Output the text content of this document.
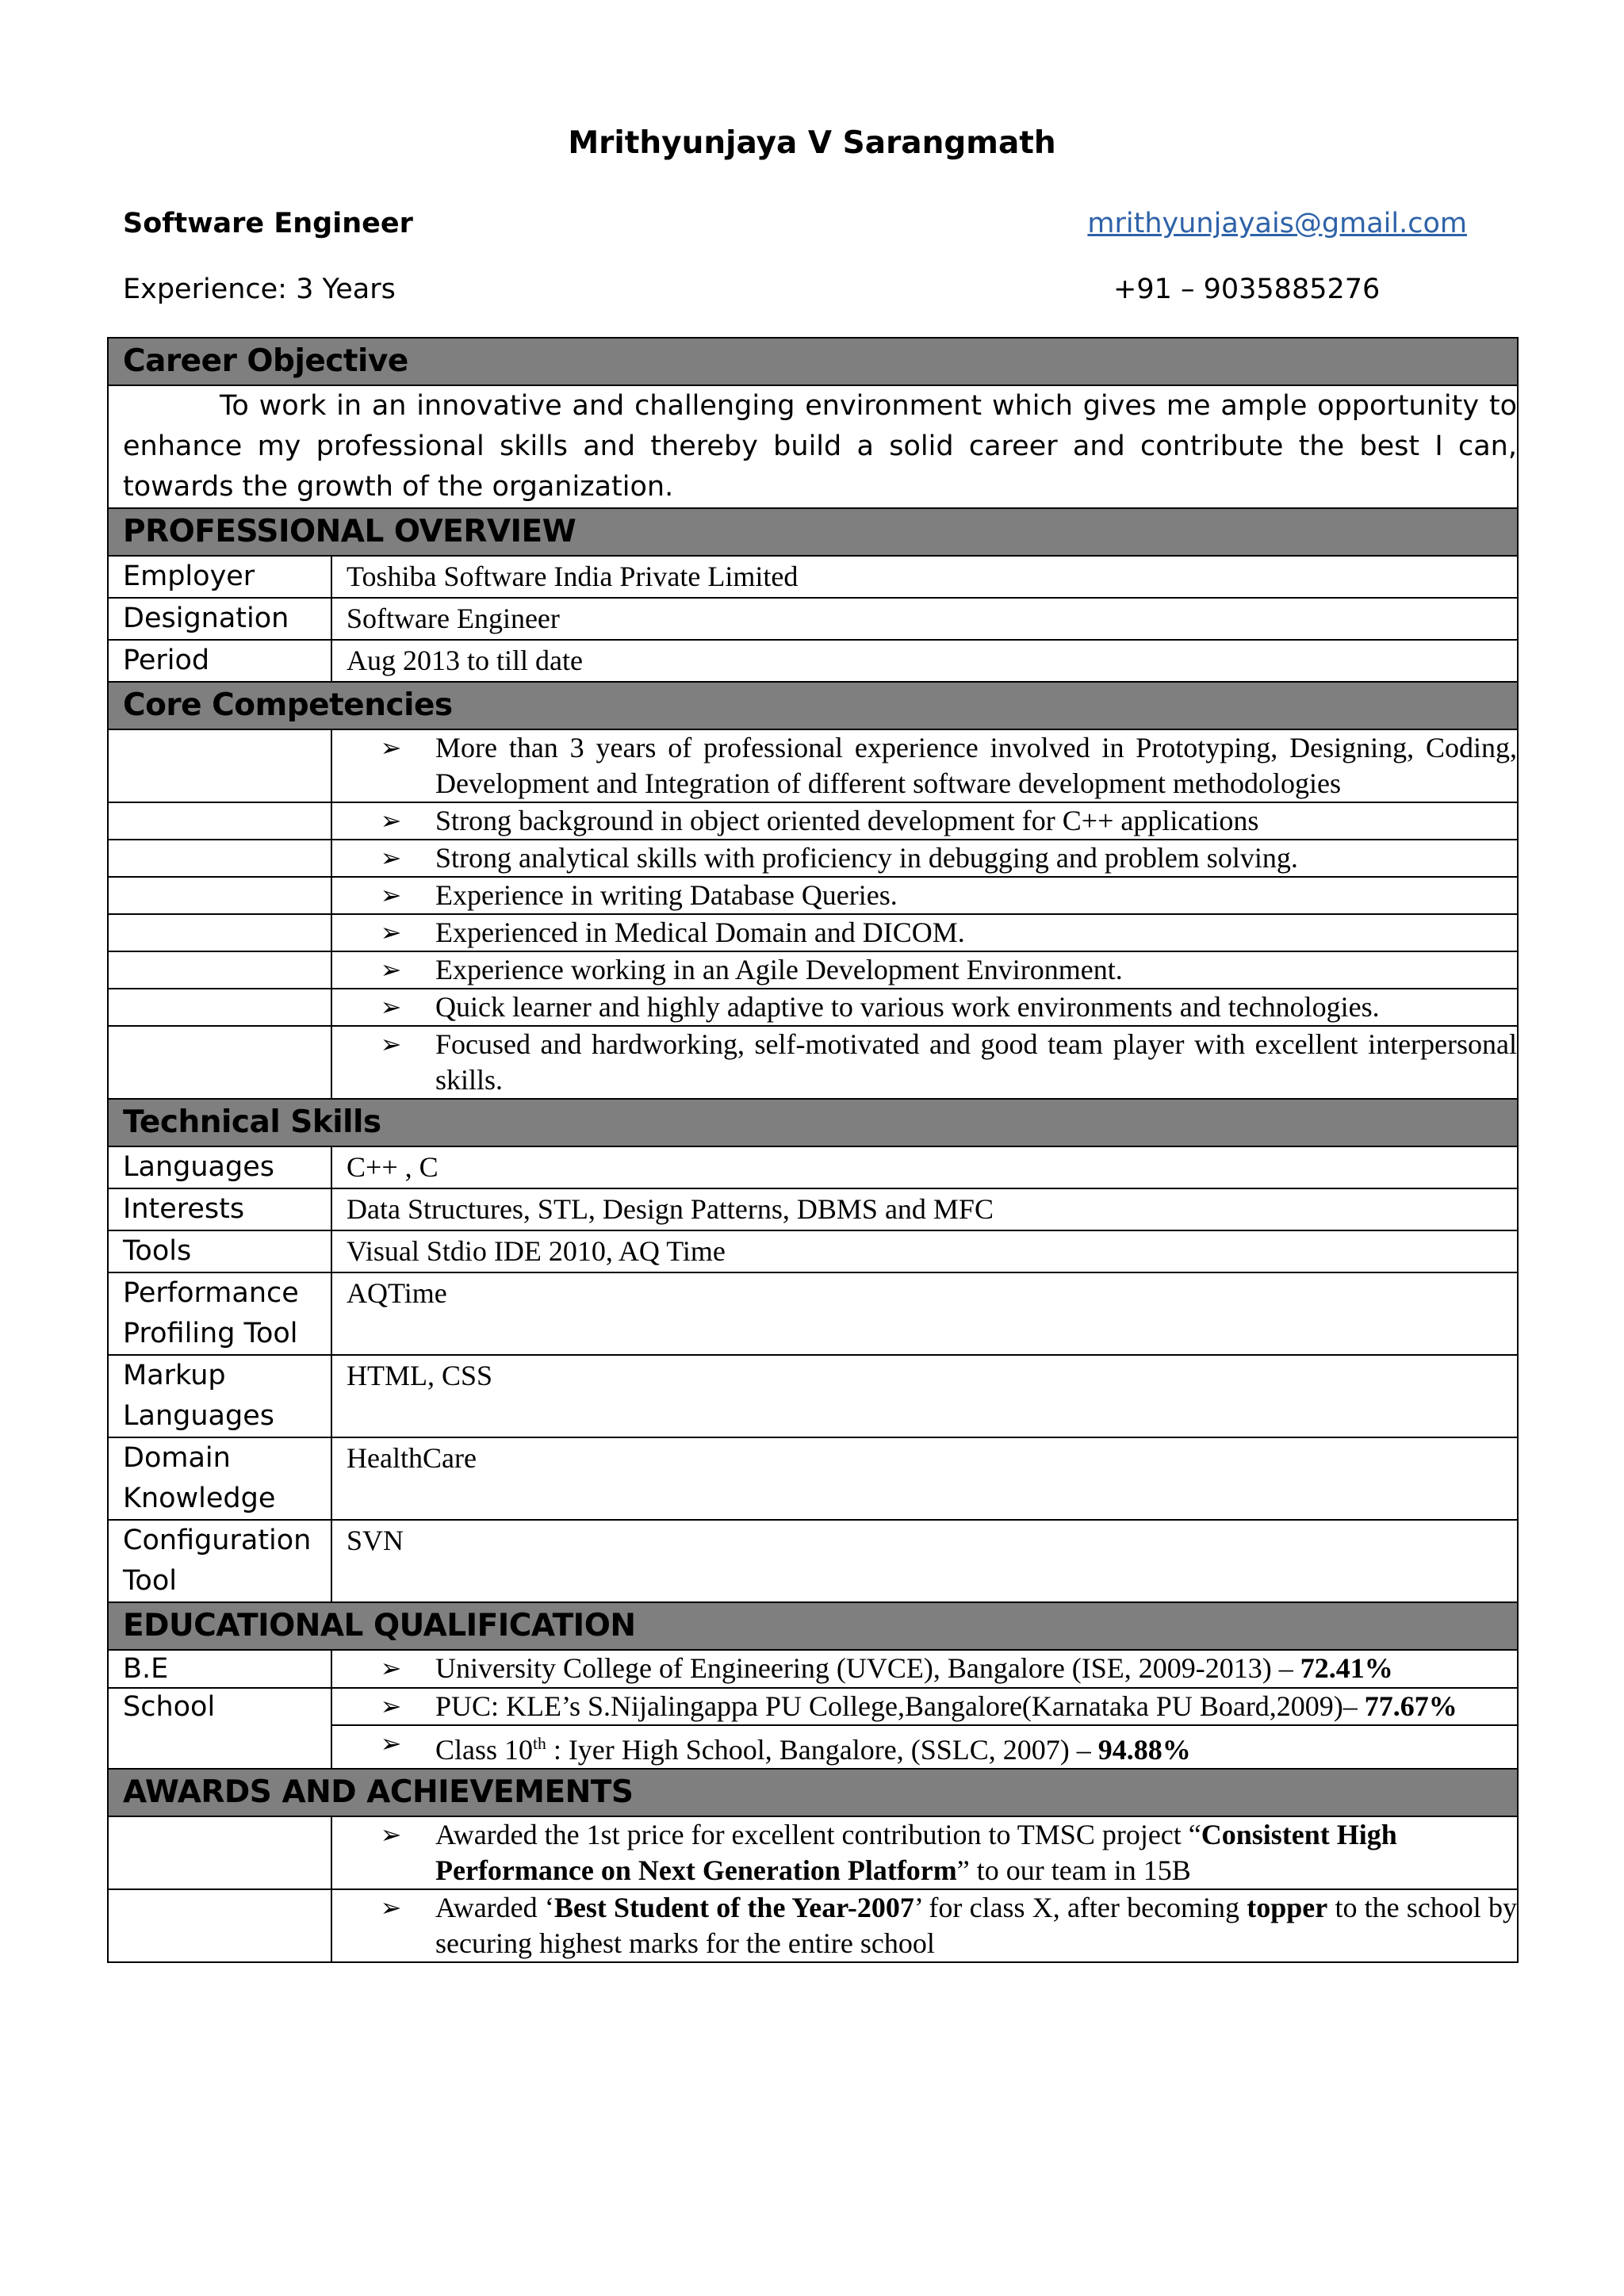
Mrithyunjaya V Sarangmath
Software Engineer	mrithyunjayais@gmail.com
Experience: 3 Years	+91 – 9035885276
Career Objective	
To work in an innovative and challenging environment which gives me ample opportunity to enhance my professional skills and thereby build a solid career and contribute the best I can, towards the growth of the organization.	
PROFESSIONAL OVERVIEW	
Employer	Toshiba Software India Private Limited
Designation	Software Engineer
Period	Aug 2013 to till date
Core Competencies	

	➢ More than 3 years of professional experience involved in Prototyping, Designing, Coding, Development and Integration of different software development methodologies

	➢ Strong background in object oriented development for C++ applications

	➢ Strong analytical skills with proficiency in debugging and problem solving.

	➢ Experience in writing Database Queries.

	➢ Experienced in Medical Domain and DICOM.

	➢ Experience working in an Agile Development Environment.

	➢ Quick learner and highly adaptive to various work environments and technologies.

	➢ Focused and hardworking, self-motivated and good team player with excellent interpersonal skills.

Technical Skills	
Languages	C++ , C
Interests	Data Structures, STL, Design Patterns, DBMS and MFC
Tools	Visual Stdio IDE 2010, AQ Time
Performance Profiling Tool	AQTime
Markup Languages	HTML, CSS
Domain Knowledge	HealthCare
Configuration Tool	SVN
EDUCATIONAL QUALIFICATION	
B.E	➢ University College of Engineering (UVCE), Bangalore (ISE, 2009-2013) – 72.41%

School	➢ PUC: KLE’s S.Nijalingappa PU College,Bangalore(Karnataka PU Board,2009)– 77.67%

	➢ Class 10th : Iyer High School, Bangalore, (SSLC, 2007) – 94.88%

AWARDS AND ACHIEVEMENTS	

	➢ Awarded the 1st price for excellent contribution to TMSC project “Consistent High Performance on Next Generation Platform” to our team in 15B

	➢ Awarded ‘Best Student of the Year-2007’ for class X, after becoming topper to the school by securing highest marks for the entire school
